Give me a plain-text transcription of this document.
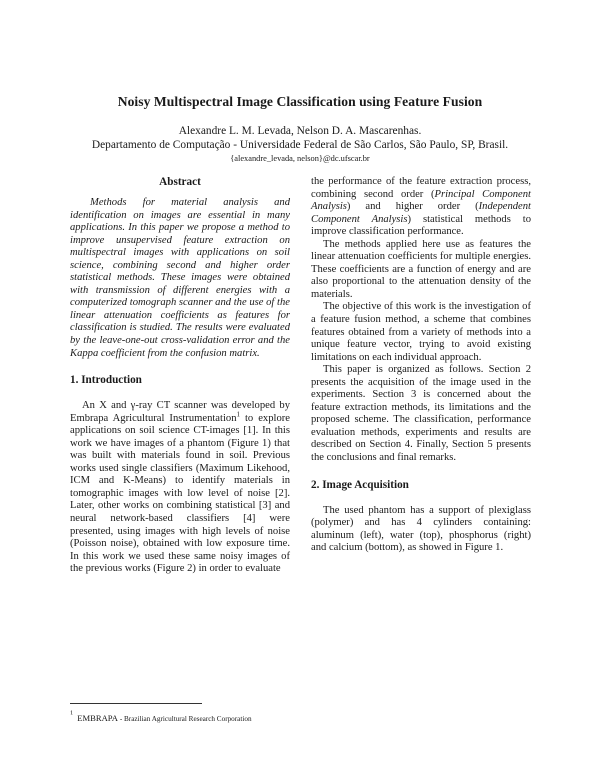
Noisy Multispectral Image Classification using Feature Fusion
Alexandre L. M. Levada, Nelson D. A. Mascarenhas.
Departamento de Computação - Universidade Federal de São Carlos, São Paulo, SP, Brasil.
{alexandre_levada, nelson}@dc.ufscar.br

Abstract

Methods for material analysis and identification on images are essential in many applications. In this paper we propose a method to improve unsupervised feature extraction on multispectral images with applications on soil science, combining second and higher order statistical methods. These images were obtained with transmission of different energies with a computerized tomograph scanner and the use of the linear attenuation coefficients as features for classification is studied. The results were evaluated by the leave-one-out cross-validation error and the Kappa coefficient from the confusion matrix.

1. Introduction

An X and γ-ray CT scanner was developed by Embrapa Agricultural Instrumentation$^1$ to explore applications on soil science CT-images [1]. In this work we have images of a phantom (Figure 1) that was built with materials found in soil. Previous works used single classifiers (Maximum Likehood, ICM and K-Means) to identify materials in tomographic images with low level of noise [2]. Later, other works on combining statistical [3] and neural network-based classifiers [4] were presented, using images with high levels of noise (Poisson noise), obtained with low exposure time. In this work we used these same noisy images of the previous works (Figure 2) in order to evaluate

the performance of the feature extraction process, combining second order (Principal Component Analysis) and higher order (Independent Component Analysis) statistical methods to improve classification performance.

The methods applied here use as features the linear attenuation coefficients for multiple energies. These coefficients are a function of energy and are also proportional to the attenuation density of the materials.

The objective of this work is the investigation of a feature fusion method, a scheme that combines features obtained from a variety of methods into a unique feature vector, trying to avoid existing limitations on each individual approach.

This paper is organized as follows. Section 2 presents the acquisition of the image used in the experiments. Section 3 is concerned about the feature extraction methods, its limitations and the proposed scheme. The classification, performance evaluation methods, experiments and results are described on Section 4. Finally, Section 5 presents the conclusions and final remarks.

2. Image Acquisition

The used phantom has a support of plexiglass (polymer) and has 4 cylinders containing: aluminum (left), water (top), phosphorus (right) and calcium (bottom), as showed in Figure 1.

$^1$ EMBRAPA - Brazilian Agricultural Research Corporation
